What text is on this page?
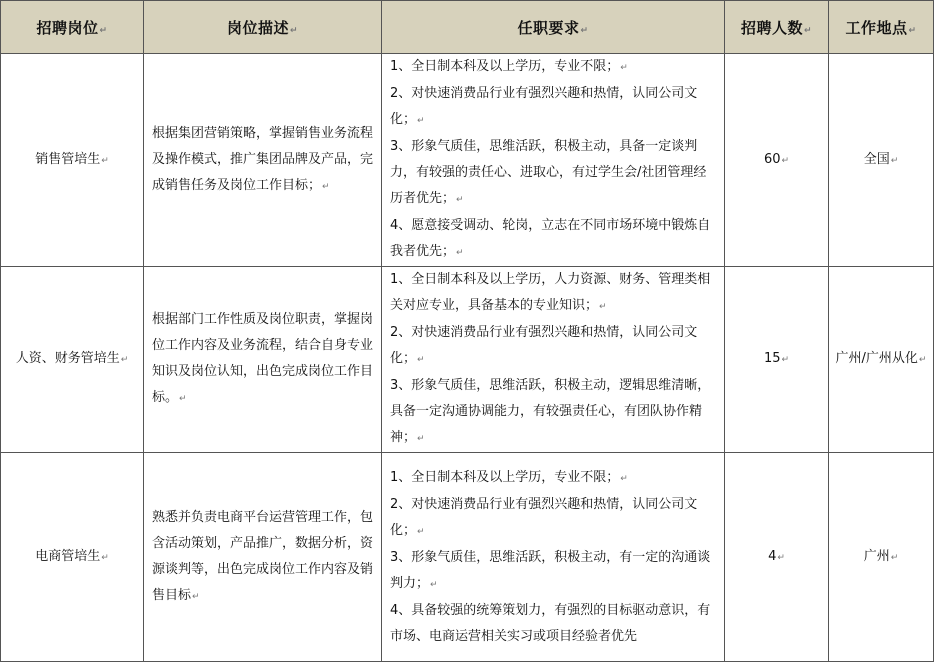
招聘岗位↵	岗位描述↵	任职要求↵	招聘人数↵	工作地点↵
销售管培生↵	根据集团营销策略，掌握销售业务流程及操作模式，推广集团品牌及产品，完成销售任务及岗位工作目标；↵	1、全日制本科及以上学历，专业不限；↵
2、对快速消费品行业有强烈兴趣和热情，认同公司文化；↵
3、形象气质佳，思维活跃，积极主动，具备一定谈判力，有较强的责任心、进取心，有过学生会/社团管理经历者优先；↵
4、愿意接受调动、轮岗，立志在不同市场环境中锻炼自我者优先；↵	60↵	全国↵
人资、财务管培生↵	根据部门工作性质及岗位职责，掌握岗位工作内容及业务流程，结合自身专业知识及岗位认知，出色完成岗位工作目标。↵	1、全日制本科及以上学历，人力资源、财务、管理类相关对应专业，具备基本的专业知识；↵
2、对快速消费品行业有强烈兴趣和热情，认同公司文化；↵
3、形象气质佳，思维活跃，积极主动，逻辑思维清晰，具备一定沟通协调能力，有较强责任心，有团队协作精神；↵	15↵	广州/广州从化↵
电商管培生↵	熟悉并负责电商平台运营管理工作，包含活动策划，产品推广，数据分析，资源谈判等，出色完成岗位工作内容及销售目标↵	1、全日制本科及以上学历，专业不限；↵
2、对快速消费品行业有强烈兴趣和热情，认同公司文化；↵
3、形象气质佳，思维活跃，积极主动，有一定的沟通谈判力；↵
4、具备较强的统筹策划力，有强烈的目标驱动意识，有市场、电商运营相关实习或项目经验者优先	4↵	广州↵
